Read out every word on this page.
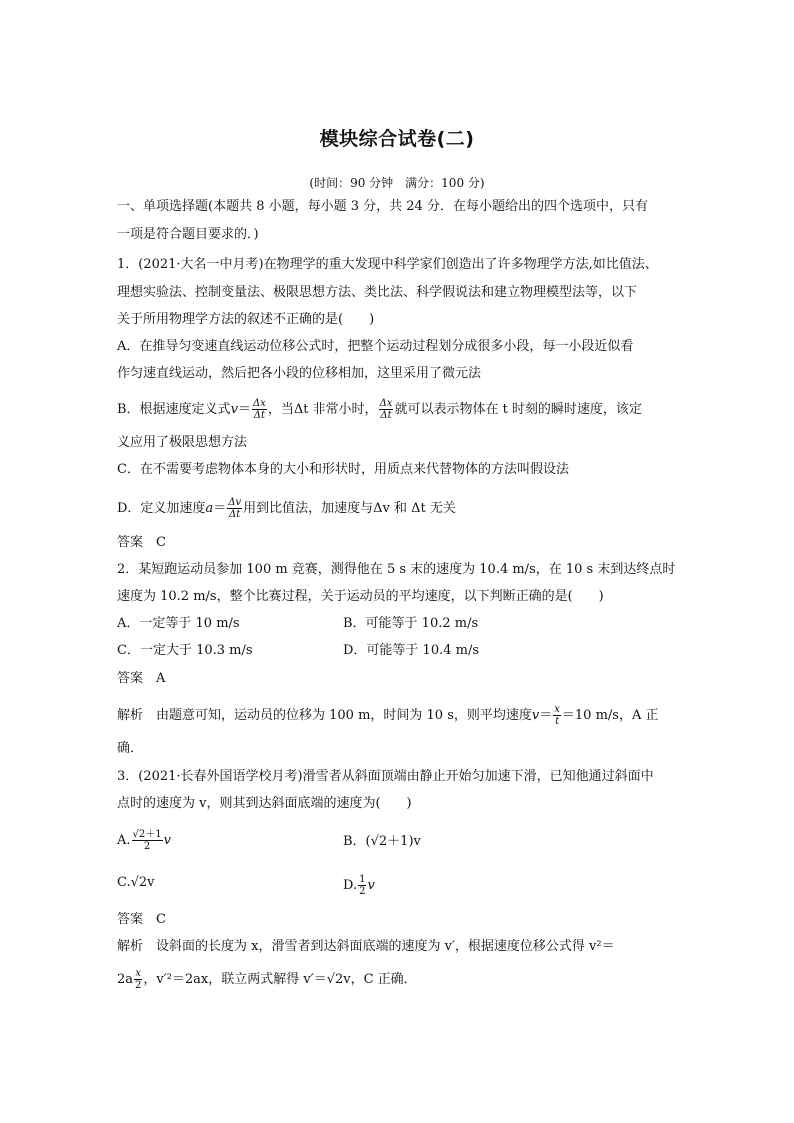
模块综合试卷(二)
(时间：90 分钟　满分：100 分)
一、单项选择题(本题共 8 小题，每小题 3 分，共 24 分．在每小题给出的四个选项中，只有
一项是符合题目要求的．)
1．(2021·大名一中月考)在物理学的重大发现中科学家们创造出了许多物理学方法,如比值法、
理想实验法、控制变量法、极限思想方法、类比法、科学假说法和建立物理模型法等，以下
关于所用物理学方法的叙述不正确的是(　　)
A．在推导匀变速直线运动位移公式时，把整个运动过程划分成很多小段，每一小段近似看
作匀速直线运动，然后把各小段的位移相加，这里采用了微元法
B．根据速度定义式$v= \frac{\Delta x}{\Delta t}$ ，当Δt 非常小时， $\frac{\Delta x}{\Delta t}$ 就可以表示物体在 t 时刻的瞬时速度，该定
义应用了极限思想方法
C．在不需要考虑物体本身的大小和形状时，用质点来代替物体的方法叫假设法
D．定义加速度$a= \frac{\Delta v}{\Delta t}$ 用到比值法，加速度与Δv 和 Δt 无关
答案　C
2．某短跑运动员参加 100 m 竞赛，测得他在 5 s 末的速度为 10.4 m/s，在 10 s 末到达终点时
速度为 10.2 m/s，整个比赛过程，关于运动员的平均速度，以下判断正确的是(　　)
A．一定等于 10 m/s	B．可能等于 10.2 m/s
C．一定大于 10.3 m/s	D．可能等于 10.4 m/s
答案　A
解析　由题意可知，运动员的位移为 100 m，时间为 10 s，则平均速度$v= \frac{x}{t} =10$ m/s，A 正
确．
3．(2021·长春外国语学校月考)滑雪者从斜面顶端由静止开始匀加速下滑，已知他通过斜面中
点时的速度为 v，则其到达斜面底端的速度为(　　)
A. $\frac{√2+1}{2}$ v	B．(√2＋1)v
C.√2v	D. $\frac{1}{2}$ v
答案　C
解析　设斜面的长度为 x，滑雪者到达斜面底端的速度为 v′，根据速度位移公式得 v²＝
$2a \frac{x}{2}$ ，v′²＝2ax，联立两式解得 v′＝√2v，C 正确．
